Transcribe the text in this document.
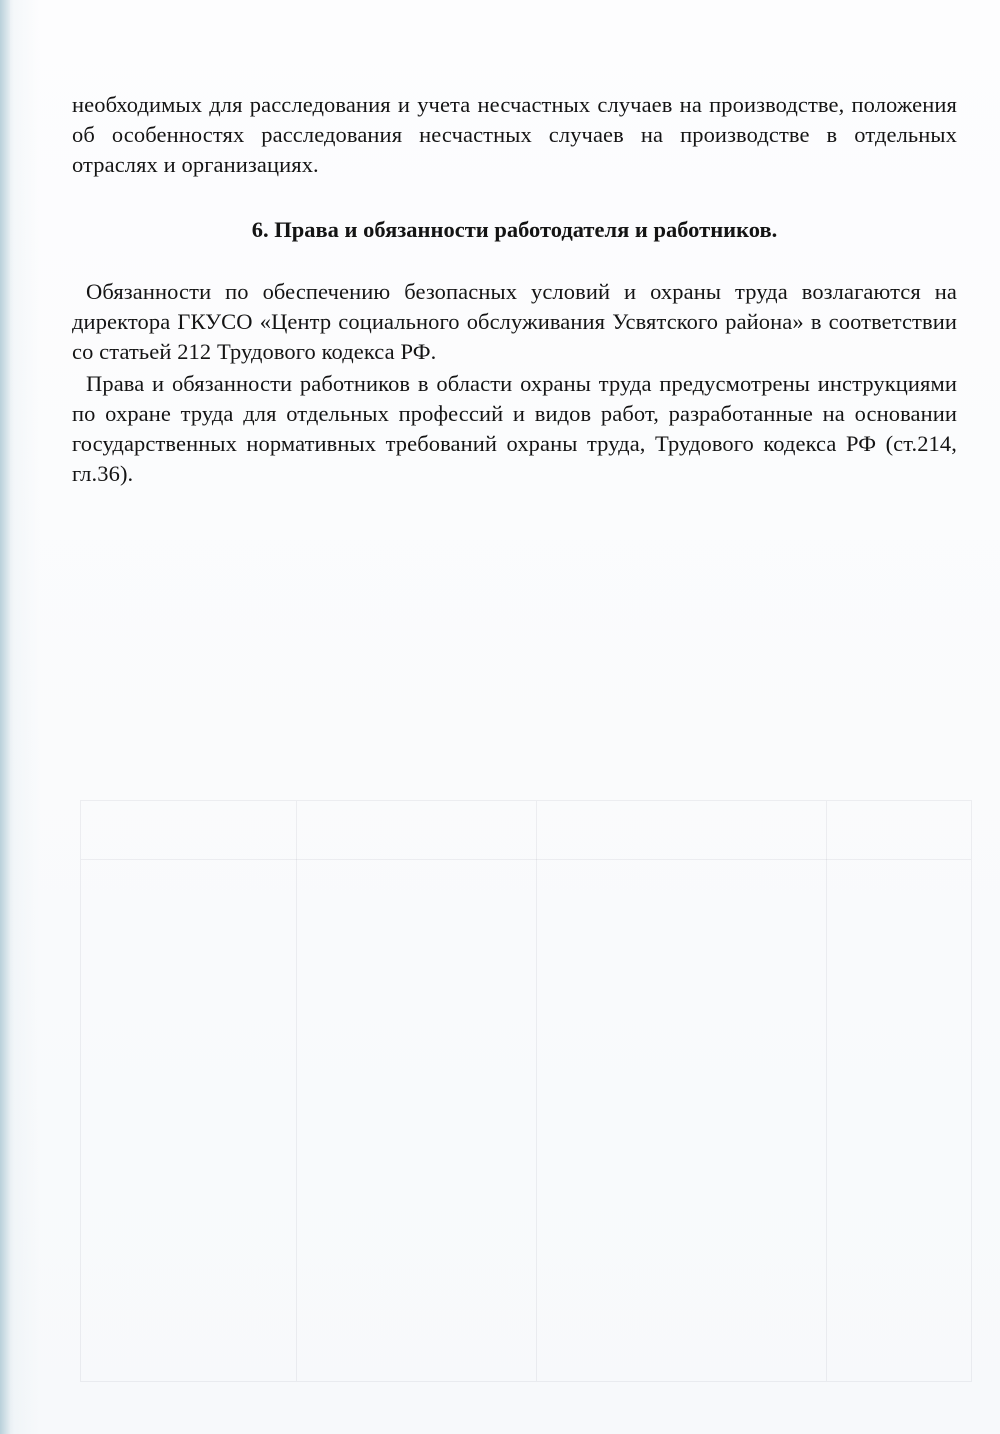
необходимых для расследования и учета несчастных случаев на производстве, положения об особенностях расследования несчастных случаев на производстве в отдельных отраслях и организациях.

6. Права и обязанности работодателя и работников.

Обязанности по обеспечению безопасных условий и охраны труда возлагаются на директора ГКУСО «Центр социального обслуживания Усвятского района» в соответствии со статьей 212 Трудового кодекса РФ.

Права и обязанности работников в области охраны труда предусмотрены инструкциями по охране труда для отдельных профессий и видов работ, разработанные на основании государственных нормативных требований охраны труда, Трудового кодекса РФ (ст.214, гл.36).
